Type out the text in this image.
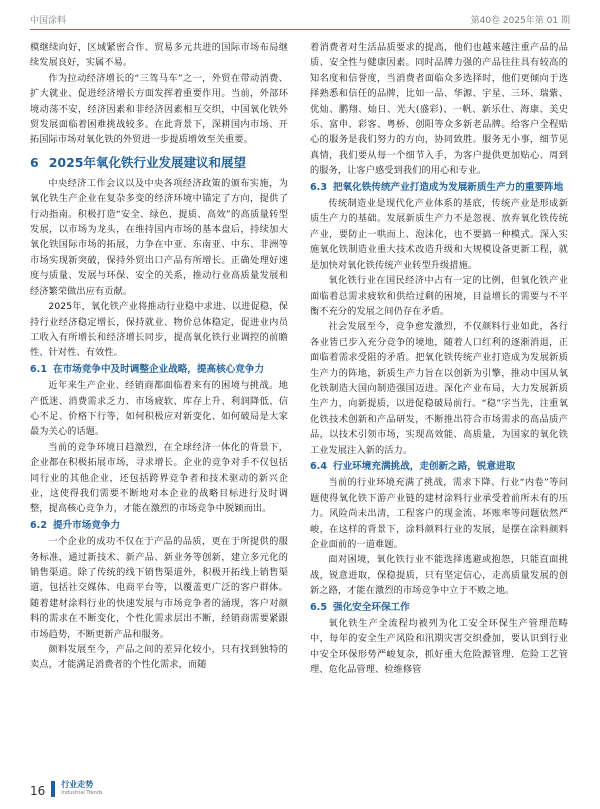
中国涂料	第40卷 2025年第 01 期

模继续向好，区域紧密合作、贸易多元共进的国际市场布局继续发展良好，实属不易。

作为拉动经济增长的“三驾马车”之一，外贸在带动消费、扩大就业、促进经济增长方面发挥着重要作用。当前，外部环境动荡不安，经济因素和非经济因素相互交织，中国氧化铁外贸发展面临着困难挑战较多。在此背景下，深耕国内市场、开拓国际市场对氧化铁的外贸进一步提质增效至关重要。

6 2025年氧化铁行业发展建议和展望

中央经济工作会议以及中央各项经济政策的颁布实施，为氧化铁生产企业在复杂多变的经济环境中锚定了方向，提供了行动指南。积极打造“安全、绿色、提质、高效”的高质量转型发展，以市场为龙头，在维持国内市场的基本盘后，持续加大氧化铁国际市场的拓展，力争在中亚、东南亚、中东、非洲等市场实现新突破，保持外贸出口产品有所增长。正确处理好速度与质量、发展与环保、安全的关系，推动行业高质量发展和经济繁荣做出应有贡献。

2025年，氧化铁产业将推动行业稳中求进、以进促稳，保持行业经济稳定增长，保持就业、物价总体稳定，促进业内员工收入有所增长和经济增长同步，提高氧化铁行业调控的前瞻性、针对性、有效性。

6.1 在市场竞争中及时调整企业战略，提高核心竞争力

近年来生产企业、经销商都面临着来有的困境与挑战。地产低迷、消费需求乏力、市场疲软、库存上升、利润降低、信心不足、价格下行等，如何积极应对新变化、如何破局是大家最为关心的话题。

当前的竞争环境日趋激烈，在全球经济一体化的背景下，企业都在积极拓展市场，寻求增长。企业的竞争对手不仅包括同行业的其他企业，还包括跨界竞争者和技术驱动的新兴企业，这使得我们需要不断地对本企业的战略目标进行及时调整，提高核心竞争力，才能在激烈的市场竞争中脱颖而出。

6.2 提升市场竞争力

一个企业的成功不仅在于产品的品质，更在于所提供的服务标准，通过新技术、新产品、新业务等创新，建立多元化的销售渠道。除了传统的线下销售渠道外，积极开拓线上销售渠道，包括社交媒体、电商平台等，以覆盖更广泛的客户群体。随着建材涂料行业的快速发展与市场竞争者的涌现，客户对颜料的需求在不断变化，个性化需求层出不断，经销商需要紧跟市场趋势，不断更新产品和服务。

颜料发展至今，产品之间的差异化较小，只有找到独特的卖点，才能满足消费者的个性化需求，而随

着消费者对生活品质要求的提高，他们也越来越注重产品的品质、安全性与健康因素。同时品牌力强的产品往往具有较高的知名度和信誉度，当消费者面临众多选择时，他们更倾向于选择熟悉和信任的品牌，比如一品、华源、宇星、三环、瑞紫、优灿、鹏翔、灿日、光大(盛彩)、一帆、新乐仕、海康、美史乐、富申、彩客、粤桥、创阳等众多新老品牌。给客户全程贴心的服务是我们努力的方向，协同致胜。服务无小事，细节见真情，我们要从每一个细节入手，为客户提供更加贴心、周到的服务，让客户感受到我们的用心和专业。

6.3 把氧化铁传统产业打造成为发展新质生产力的重要阵地

传统制造业是现代化产业体系的基底，传统产业是形成新质生产力的基础。发展新质生产力不是忽视、放弃氧化铁传统产业，要防止一哄而上、泡沫化，也不要搞一种模式。深入实施氧化铁制造业重大技术改造升级和大规模设备更新工程，就是加快对氧化铁传统产业转型升级措施。

氧化铁行业在国民经济中占有一定的比例，但氧化铁产业面临着总需求疲软和供给过剩的困境，目益增长的需要与不平衡不充分的发展之间仍存在矛盾。

社会发展至今，竞争愈发激烈，不仅颜料行业如此，各行各业皆已步入充分竞争的境地，随着人口红利的逐渐消退，正面临着需求受阻的矛盾。把氧化铁传统产业打造成为发展新质生产力的阵地，新质生产力旨在以创新为引擎，推动中国从氧化铁制造大国向制造强国迈进。深化产业布局，大力发展新质生产力，向新提质，以进促稳破局前行。“稳”字当先，注重氧化铁技术创新和产品研发，不断推出符合市场需求的高品质产品，以技术引领市场，实现高效能、高质量，为国家的氧化铁工业发展注入新的活力。

6.4 行业环境充满挑战，走创新之路，锐意进取

当前的行业环境充满了挑战，需求下降、行业“内卷”等问题使得氧化铁下游产业链的建材涂料行业承受着前所未有的压力。风险尚未出清，工程客户的现金流、坏账率等问题依然严峻，在这样的背景下，涂料颜料行业的发展，是摆在涂料颜料企业面前的一道难题。

面对困境，氧化铁行业不能选择逃避或抱怨，只能直面挑战，锐意进取，保稳提质，只有坚定信心，走高质量发展的创新之路，才能在激烈的市场竞争中立于不败之地。

6.5 强化安全环保工作

氧化铁生产全流程均被列为化工安全环保生产管理范畴中，每年的安全生产风险和汛期灾害交织叠加，要认识到行业中安全环保形势严峻复杂，抓好重大危险源管理、危险工艺管理、危化品管理、检维修管

16 行业走势
Industrial Trends
